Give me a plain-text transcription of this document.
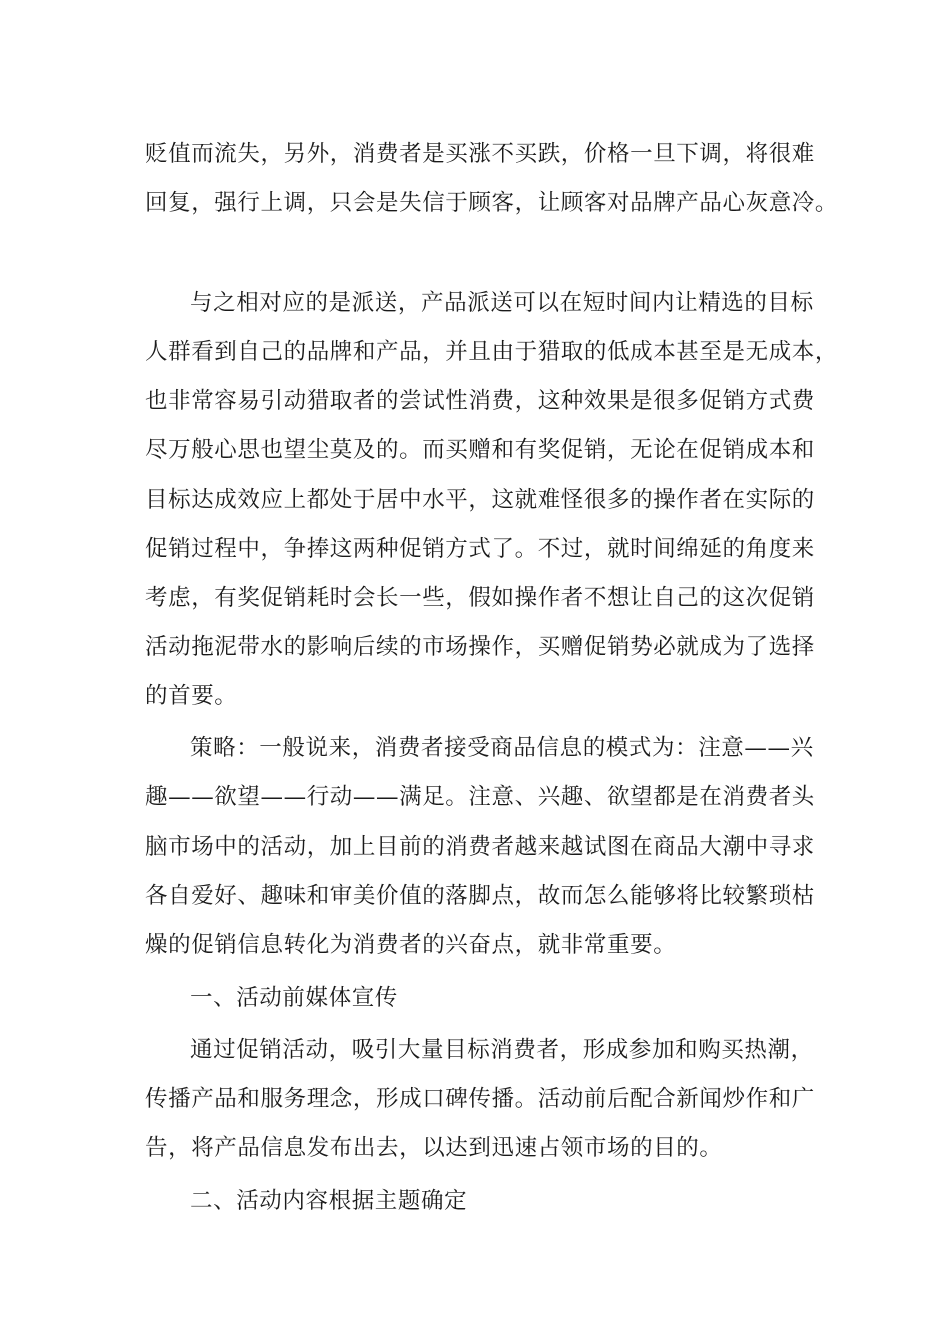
贬值而流失，另外，消费者是买涨不买跌，价格一旦下调，将很难
回复，强行上调，只会是失信于顾客，让顾客对品牌产品心灰意冷。
与之相对应的是派送，产品派送可以在短时间内让精选的目标
人群看到自己的品牌和产品，并且由于猎取的低成本甚至是无成本，
也非常容易引动猎取者的尝试性消费，这种效果是很多促销方式费
尽万般心思也望尘莫及的。而买赠和有奖促销，无论在促销成本和
目标达成效应上都处于居中水平，这就难怪很多的操作者在实际的
促销过程中，争捧这两种促销方式了。不过，就时间绵延的角度来
考虑，有奖促销耗时会长一些，假如操作者不想让自己的这次促销
活动拖泥带水的影响后续的市场操作，买赠促销势必就成为了选择
的首要。
策略：一般说来，消费者接受商品信息的模式为：注意——兴
趣——欲望——行动——满足。注意、兴趣、欲望都是在消费者头
脑市场中的活动，加上目前的消费者越来越试图在商品大潮中寻求
各自爱好、趣味和审美价值的落脚点，故而怎么能够将比较繁琐枯
燥的促销信息转化为消费者的兴奋点，就非常重要。
一、活动前媒体宣传
通过促销活动，吸引大量目标消费者，形成参加和购买热潮，
传播产品和服务理念，形成口碑传播。活动前后配合新闻炒作和广
告，将产品信息发布出去，以达到迅速占领市场的目的。
二、活动内容根据主题确定
